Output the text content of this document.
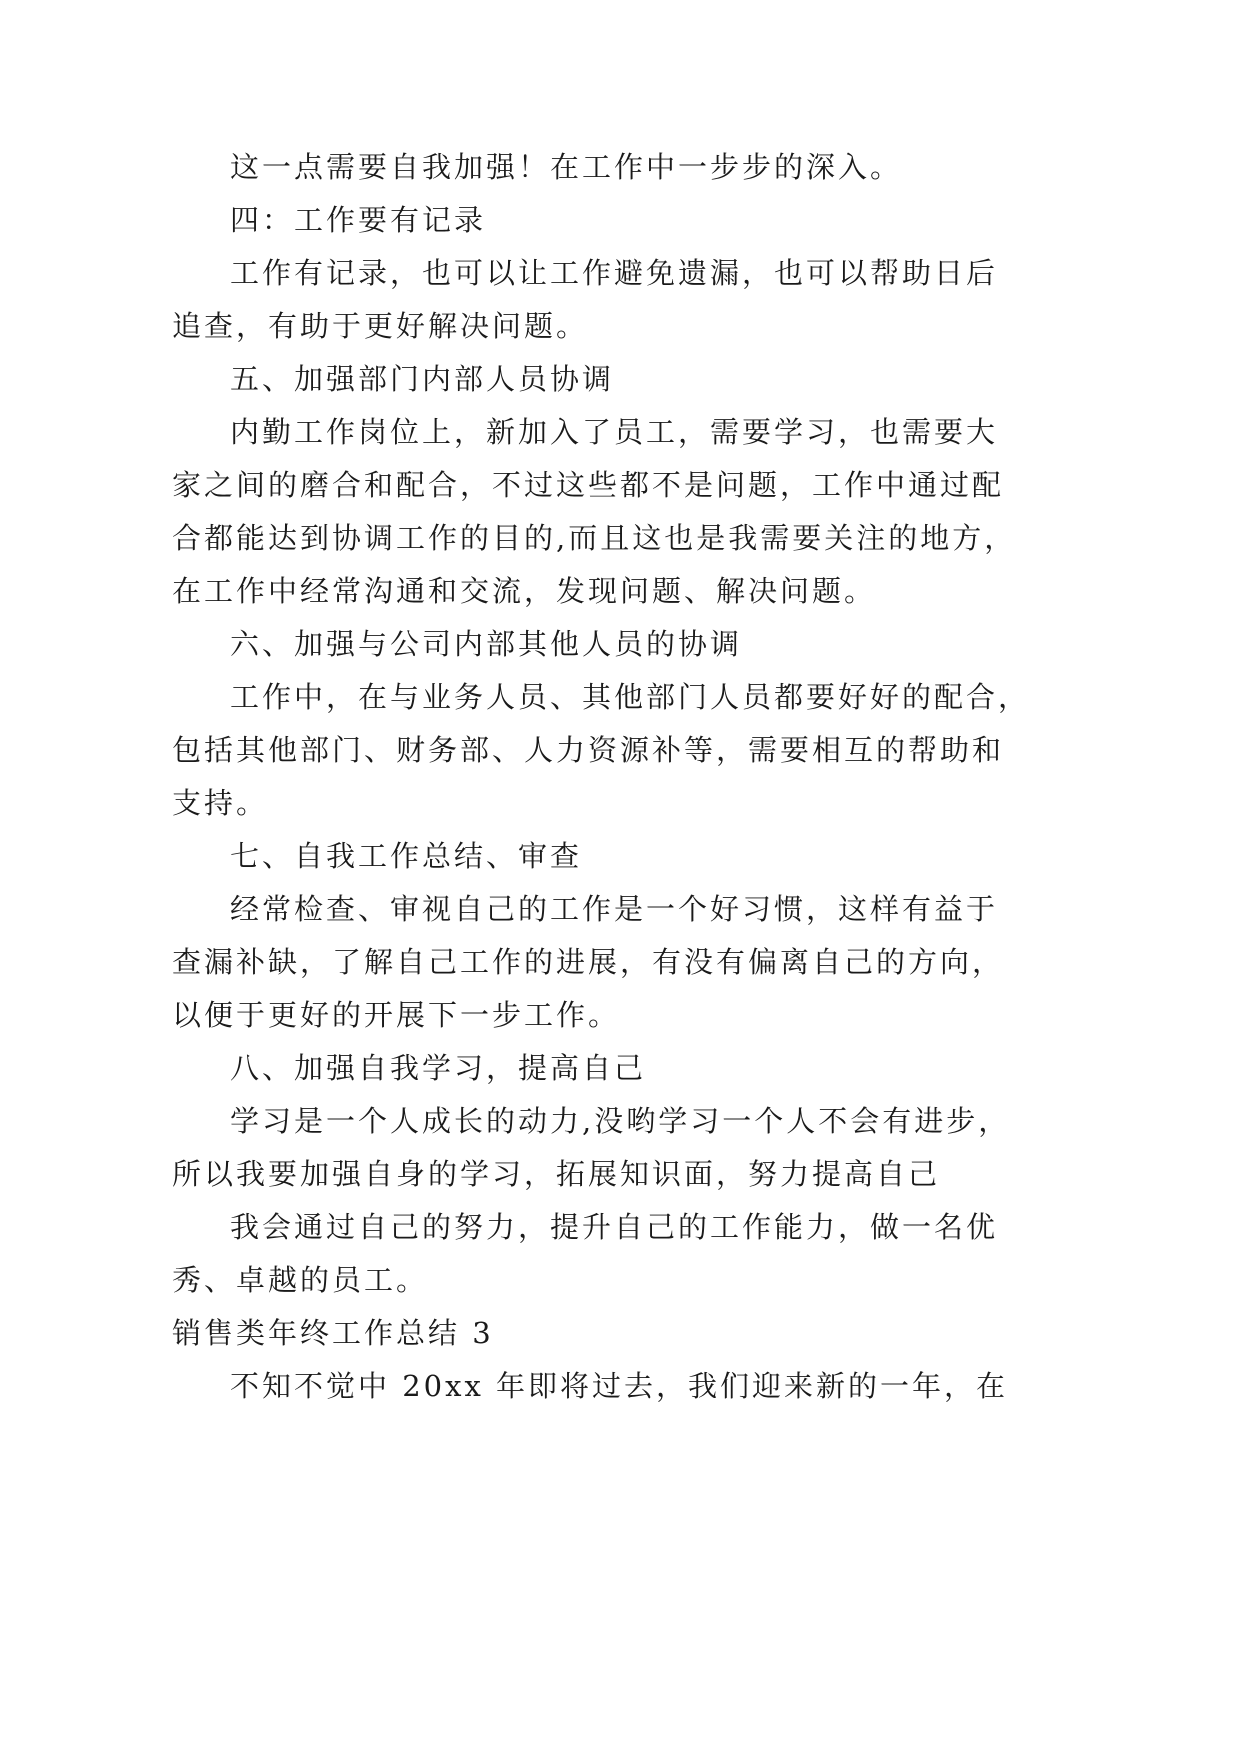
这一点需要自我加强！在工作中一步步的深入。
四：工作要有记录
工作有记录，也可以让工作避免遗漏，也可以帮助日后
追查，有助于更好解决问题。
五、加强部门内部人员协调
内勤工作岗位上，新加入了员工，需要学习，也需要大
家之间的磨合和配合，不过这些都不是问题，工作中通过配
合都能达到协调工作的目的,而且这也是我需要关注的地方，
在工作中经常沟通和交流，发现问题、解决问题。
六、加强与公司内部其他人员的协调
工作中，在与业务人员、其他部门人员都要好好的配合，
包括其他部门、财务部、人力资源补等，需要相互的帮助和
支持。
七、自我工作总结、审查
经常检查、审视自己的工作是一个好习惯，这样有益于
查漏补缺，了解自己工作的进展，有没有偏离自己的方向，
以便于更好的开展下一步工作。
八、加强自我学习，提高自己
学习是一个人成长的动力,没哟学习一个人不会有进步，
所以我要加强自身的学习，拓展知识面，努力提高自己
我会通过自己的努力，提升自己的工作能力，做一名优
秀、卓越的员工。
销售类年终工作总结 3
不知不觉中 20xx 年即将过去，我们迎来新的一年，在
